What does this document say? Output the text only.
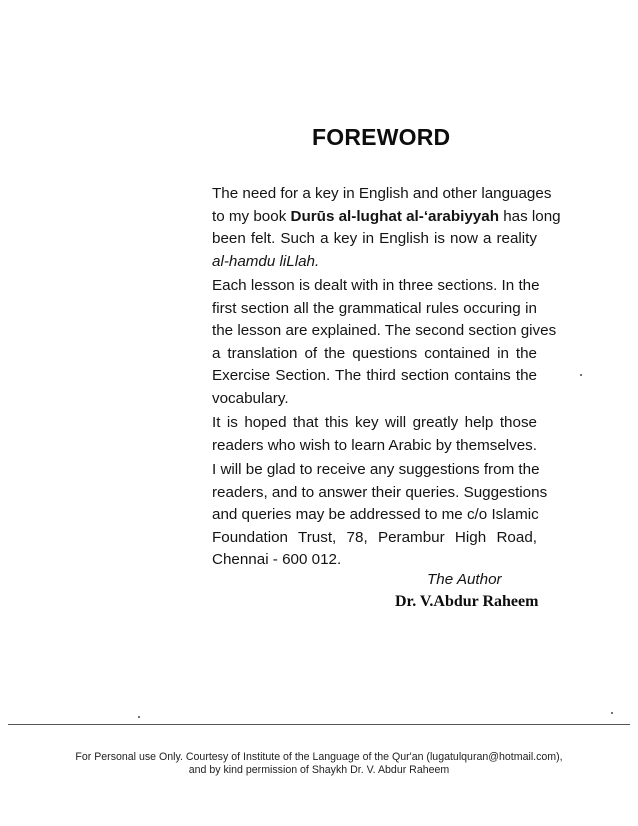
FOREWORD
The need for a key in English and other languages
to my book Durūs al-lughat al-‘arabiyyah has long
been felt. Such a key in English is now a reality
al-hamdu liLlah.
Each lesson is dealt with in three sections. In the
first section all the grammatical rules occuring in
the lesson are explained. The second section gives
a translation of the questions contained in the
Exercise Section. The third section contains the
vocabulary.
It is hoped that this key will greatly help those
readers who wish to learn Arabic by themselves.
I will be glad to receive any suggestions from the
readers, and to answer their queries. Suggestions
and queries may be addressed to me c/o Islamic
Foundation Trust, 78, Perambur High Road,
Chennai - 600 012.
The Author
Dr. V.Abdur Raheem
For Personal use Only. Courtesy of Institute of the Language of the Qur'an (lugatulquran@hotmail.com),
and by kind permission of Shaykh Dr. V. Abdur Raheem
